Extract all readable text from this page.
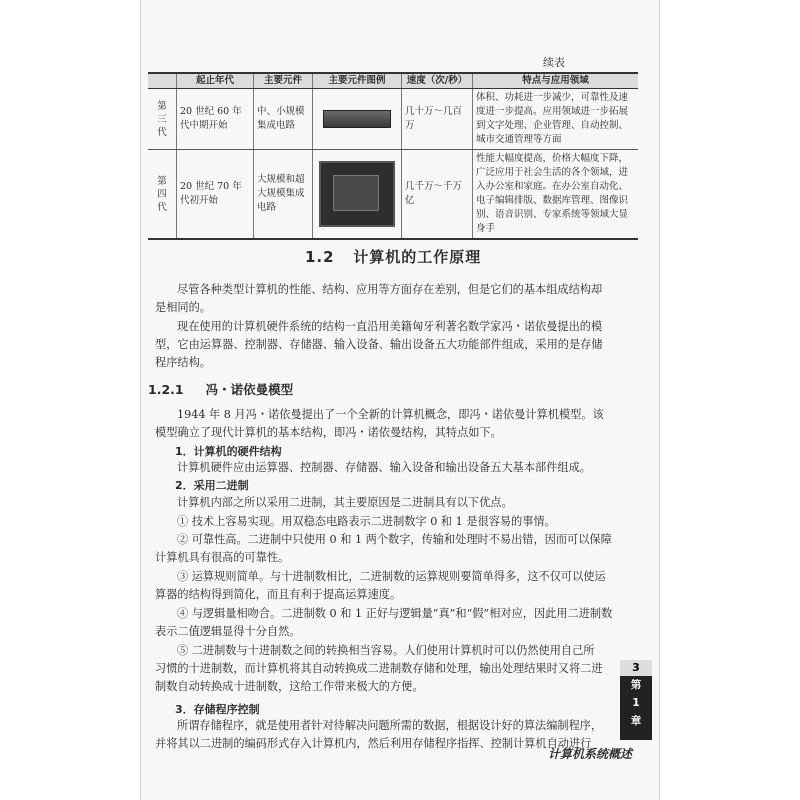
续表
	起止年代	主要元件	主要元件图例	速度（次/秒）	特点与应用领域

第三代	20 世纪 60 年代中期开始	中、小规模集成电路		几十万～几百万	体积、功耗进一步减少，可靠性及速度进一步提高。应用领域进一步拓展到文字处理、企业管理、自动控制、城市交通管理等方面

第四代	20 世纪 70 年代初开始	大规模和超大规模集成电路		几千万～千万亿	性能大幅度提高，价格大幅度下降，广泛应用于社会生活的各个领域，进入办公室和家庭。在办公室自动化、电子编辑排版、数据库管理、图像识别、语音识别、专家系统等领域大显身手
1.2 计算机的工作原理
尽管各种类型计算机的性能、结构、应用等方面存在差别，但是它们的基本组成结构却是相同的。
现在使用的计算机硬件系统的结构一直沿用美籍匈牙利著名数学家冯・诺依曼提出的模型，它由运算器、控制器、存储器、输入设备、输出设备五大功能部件组成，采用的是存储程序结构。
1.2.1 冯・诺依曼模型
1944 年 8 月冯・诺依曼提出了一个全新的计算机概念，即冯・诺依曼计算机模型。该模型确立了现代计算机的基本结构，即冯・诺依曼结构，其特点如下。
1．计算机的硬件结构
计算机硬件应由运算器、控制器、存储器、输入设备和输出设备五大基本部件组成。
2．采用二进制
计算机内部之所以采用二进制，其主要原因是二进制具有以下优点。
① 技术上容易实现。用双稳态电路表示二进制数字 0 和 1 是很容易的事情。
② 可靠性高。二进制中只使用 0 和 1 两个数字，传输和处理时不易出错，因而可以保障计算机具有很高的可靠性。
③ 运算规则简单。与十进制数相比，二进制数的运算规则要简单得多，这不仅可以使运算器的结构得到简化，而且有利于提高运算速度。
④ 与逻辑量相吻合。二进制数 0 和 1 正好与逻辑量“真”和“假”相对应，因此用二进制数表示二值逻辑显得十分自然。
⑤ 二进制数与十进制数之间的转换相当容易。人们使用计算机时可以仍然使用自己所习惯的十进制数，而计算机将其自动转换成二进制数存储和处理，输出处理结果时又将二进制数自动转换成十进制数，这给工作带来极大的方便。
3．存储程序控制
所谓存储程序，就是使用者针对待解决问题所需的数据，根据设计好的算法编制程序，并将其以二进制的编码形式存入计算机内，然后利用存储程序指挥、控制计算机自动进行
3
第
1
章
计算机系统概述
